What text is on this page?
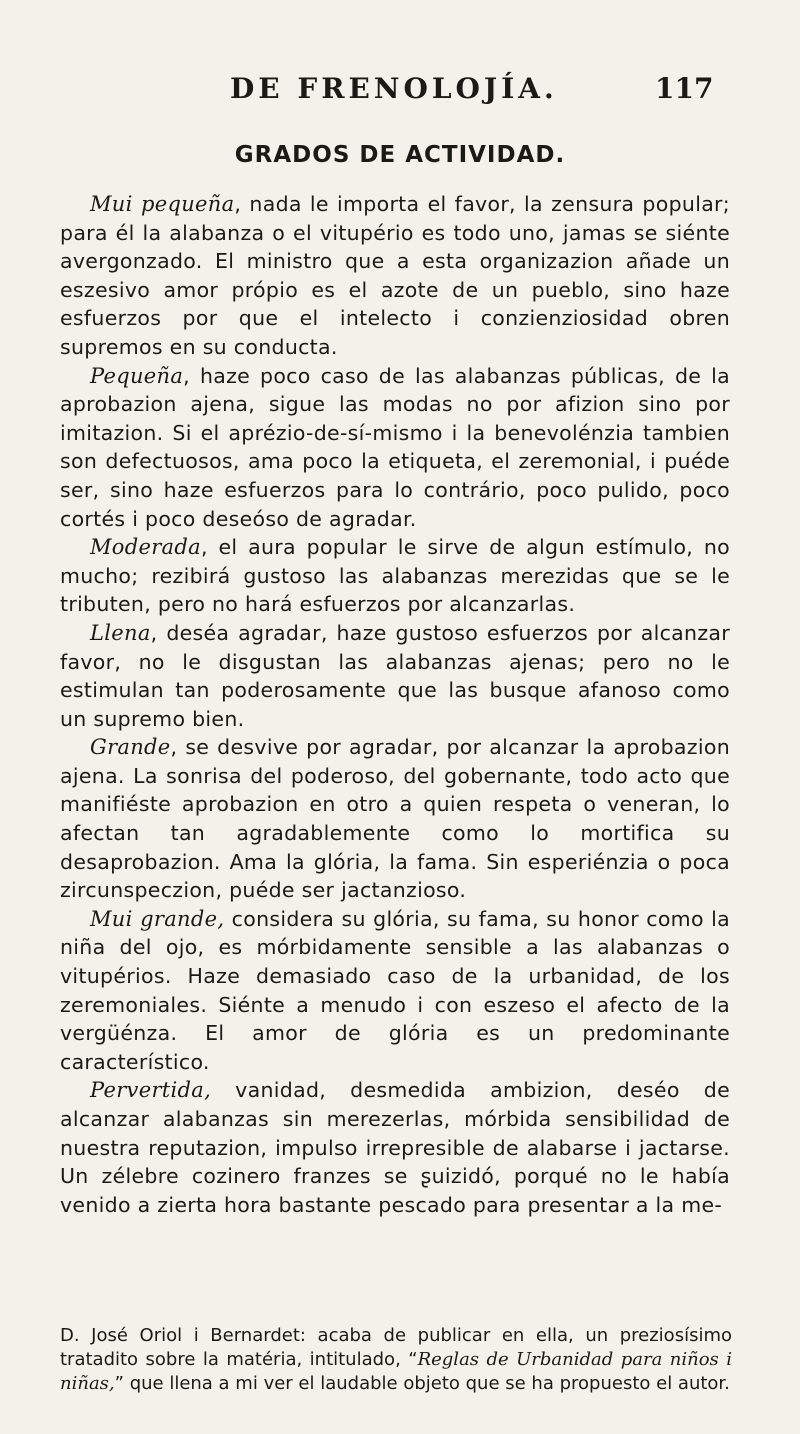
DE FRENOLOJÍA.	117
GRADOS DE ACTIVIDAD.

Mui pequeña, nada le importa el favor, la zensura popular; para él la alabanza o el vitupério es todo uno, jamas se siénte avergonzado. El ministro que a esta organizazion añade un eszesivo amor própio es el azote de un pueblo, sino haze esfuerzos por que el intelecto i conzienziosidad obren supremos en su conducta.

Pequeña, haze poco caso de las alabanzas públicas, de la aprobazion ajena, sigue las modas no por afizion sino por imitazion. Si el aprézio-de-sí-mismo i la benevolénzia tambien son defectuosos, ama poco la etiqueta, el zeremonial, i puéde ser, sino haze esfuerzos para lo contrário, poco pulido, poco cortés i poco deseóso de agradar.

Moderada, el aura popular le sirve de algun estímulo, no mucho; rezibirá gustoso las alabanzas merezidas que se le tributen, pero no hará esfuerzos por alcanzarlas.

Llena, deséa agradar, haze gustoso esfuerzos por alcanzar favor, no le disgustan las alabanzas ajenas; pero no le estimulan tan poderosamente que las busque afanoso como un supremo bien.

Grande, se desvive por agradar, por alcanzar la aprobazion ajena. La sonrisa del poderoso, del gobernante, todo acto que manifiéste aprobazion en otro a quien respeta o veneran, lo afectan tan agradablemente como lo mortifica su desaprobazion. Ama la glória, la fama. Sin esperiénzia o poca zircunspeczion, puéde ser jactanzioso.

Mui grande, considera su glória, su fama, su honor como la niña del ojo, es mórbidamente sensible a las alabanzas o vitupérios. Haze demasiado caso de la urbanidad, de los zeremoniales. Siénte a menudo i con eszeso el afecto de la vergüénza. El amor de glória es un predominante característico.

Pervertida, vanidad, desmedida ambizion, deséo de alcanzar alabanzas sin merezerlas, mórbida sensibilidad de nuestra reputazion, impulso irrepresible de alabarse i jactarse. Un zélebre cozinero franzes se ʂuizidó, porqué no le había venido a zierta hora bastante pescado para presentar a la me-

D. José Oriol i Bernardet: acaba de publicar en ella, un preziosísimo tratadito sobre la matéria, intitulado, “Reglas de Urbanidad para niños i niñas,” que llena a mi ver el laudable objeto que se ha propuesto el autor.
